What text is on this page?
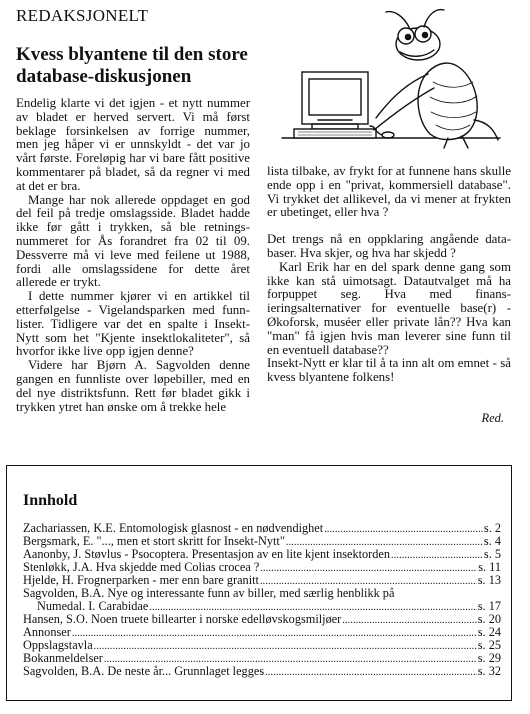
REDAKSJONELT
Kvess blyantene til den store database-diskusjonen

Endelig klarte vi det igjen - et nytt nummer av bladet er herved servert. Vi må først beklage forsinkelsen av forrige nummer, men jeg håper vi er unnskyldt - det var jo vårt første. Foreløpig har vi bare fått positive kommentarer på bladet, så da regner vi med at det er bra.

Mange har nok allerede oppdaget en god del feil på tredje omslagsside. Bladet hadde ikke før gått i trykken, så ble retnings-nummeret for Ås forandret fra 02 til 09. Dessverre må vi leve med feilene ut 1988, fordi alle omslagssidene for dette året allerede er trykt.

I dette nummer kjører vi en artikkel til etterfølgelse - Vigelandsparken med funn-lister. Tidligere var det en spalte i Insekt-Nytt som het "Kjente insektlokaliteter", så hvorfor ikke live opp igjen denne?

Videre har Bjørn A. Sagvolden denne gangen en funnliste over løpebiller, med en del nye distriktsfunn. Rett før bladet gikk i trykken ytret han ønske om å trekke hele

lista tilbake, av frykt for at funnene hans skulle ende opp i en "privat, kommersiell database". Vi trykket det allikevel, da vi mener at frykten er ubetinget, eller hva ?

Det trengs nå en oppklaring angående data-baser. Hva skjer, og hva har skjedd ?

Karl Erik har en del spark denne gang som ikke kan stå uimotsagt. Datautvalget må ha forpuppet seg. Hva med finans-ieringsalternativer for eventuelle base(r) - Økoforsk, muséer eller private lån?? Hva kan "man" få igjen hvis man leverer sine funn til en eventuell database??

Insekt-Nytt er klar til å ta inn alt om emnet - så kvess blyantene folkens!

Red.
Innhold
Zachariassen, K.E. Entomologisk glasnost - en nødvendighet .....	s. 2
Bergsmark, E. "..., men et stort skritt for Insekt-Nytt" .....	s. 4
Aanonby, J. Støvlus - Psocoptera. Presentasjon av en lite kjent insektorden .....	s. 5
Stenløkk, J.A. Hva skjedde med Colias crocea ? .....	s. 11
Hjelde, H. Frognerparken - mer enn bare granitt .....	s. 13
Sagvolden, B.A. Nye og interessante funn av biller, med særlig henblikk på
Numedal. I. Carabidae .....	s. 17
Hansen, S.O. Noen truete billearter i norske edelløvskogsmiljøer .....	s. 20
Annonser .....	s. 24
Oppslagstavla .....	s. 25
Bokanmeldelser .....	s. 29
Sagvolden, B.A. De neste år... Grunnlaget legges .....	s. 32
